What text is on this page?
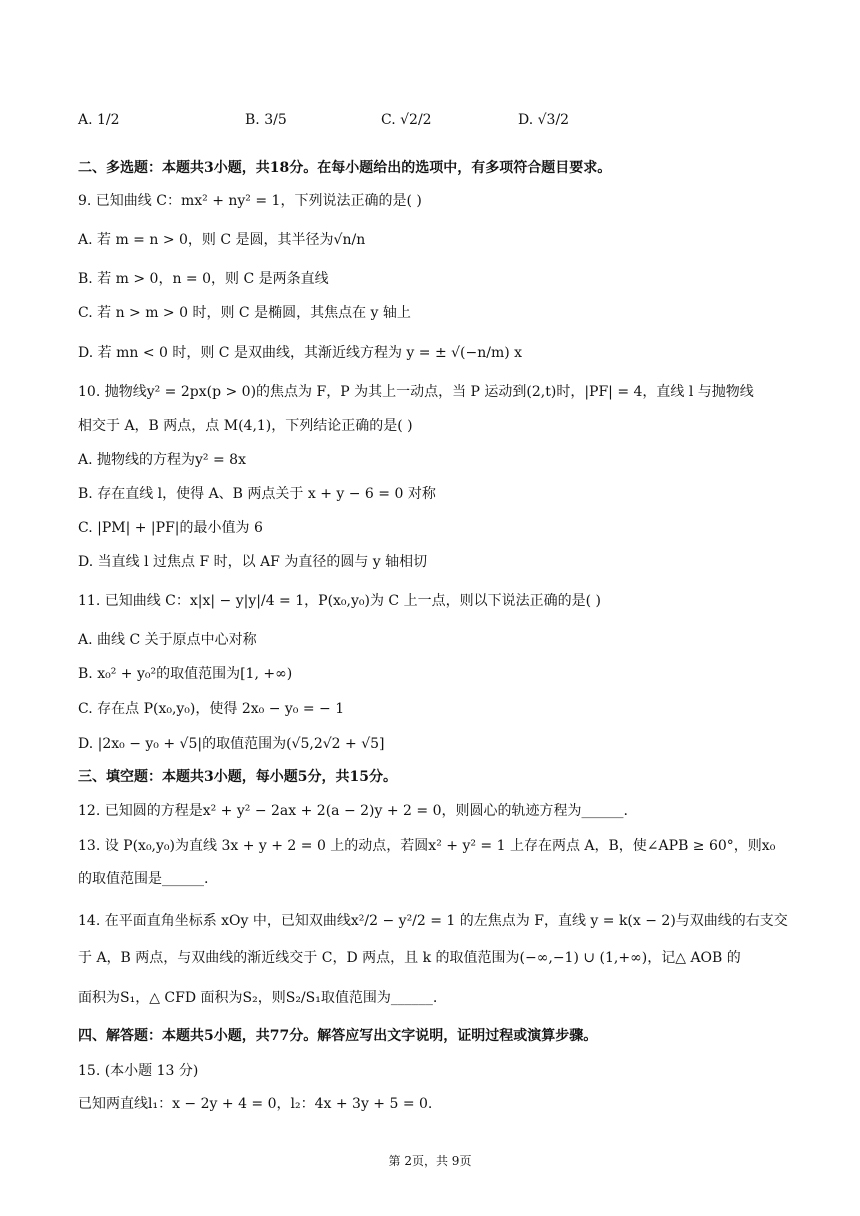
A. 1/2	B. 3/5	C. √2/2	D. √3/2
二、多选题：本题共3小题，共18分。在每小题给出的选项中，有多项符合题目要求。
9. 已知曲线 C：mx² + ny² = 1，下列说法正确的是( )
A. 若 m = n > 0，则 C 是圆，其半径为√n/n
B. 若 m > 0，n = 0，则 C 是两条直线
C. 若 n > m > 0 时，则 C 是椭圆，其焦点在 y 轴上
D. 若 mn < 0 时，则 C 是双曲线，其渐近线方程为 y = ± √(−n/m) x
10. 抛物线y² = 2px(p > 0)的焦点为 F，P 为其上一动点，当 P 运动到(2,t)时，|PF| = 4，直线 l 与抛物线
相交于 A，B 两点，点 M(4,1)，下列结论正确的是( )
A. 抛物线的方程为y² = 8x
B. 存在直线 l，使得 A、B 两点关于 x + y − 6 = 0 对称
C. |PM| + |PF|的最小值为 6
D. 当直线 l 过焦点 F 时，以 AF 为直径的圆与 y 轴相切
11. 已知曲线 C：x|x| − y|y|/4 = 1，P(x₀,y₀)为 C 上一点，则以下说法正确的是( )
A. 曲线 C 关于原点中心对称
B. x₀² + y₀²的取值范围为[1, +∞)
C. 存在点 P(x₀,y₀)，使得 2x₀ − y₀ = − 1
D. |2x₀ − y₀ + √5|的取值范围为(√5,2√2 + √5]
三、填空题：本题共3小题，每小题5分，共15分。
12. 已知圆的方程是x² + y² − 2ax + 2(a − 2)y + 2 = 0，则圆心的轨迹方程为______.
13. 设 P(x₀,y₀)为直线 3x + y + 2 = 0 上的动点，若圆x² + y² = 1 上存在两点 A，B，使∠APB ≥ 60°，则x₀
的取值范围是______.
14. 在平面直角坐标系 xOy 中，已知双曲线x²/2 − y²/2 = 1 的左焦点为 F，直线 y = k(x − 2)与双曲线的右支交
于 A，B 两点，与双曲线的渐近线交于 C，D 两点，且 k 的取值范围为(−∞,−1) ∪ (1,+∞)，记△ AOB 的
面积为S₁，△ CFD 面积为S₂，则S₂/S₁取值范围为______.
四、解答题：本题共5小题，共77分。解答应写出文字说明，证明过程或演算步骤。
15. (本小题 13 分)
已知两直线l₁：x − 2y + 4 = 0，l₂：4x + 3y + 5 = 0.
第 2页，共 9页
